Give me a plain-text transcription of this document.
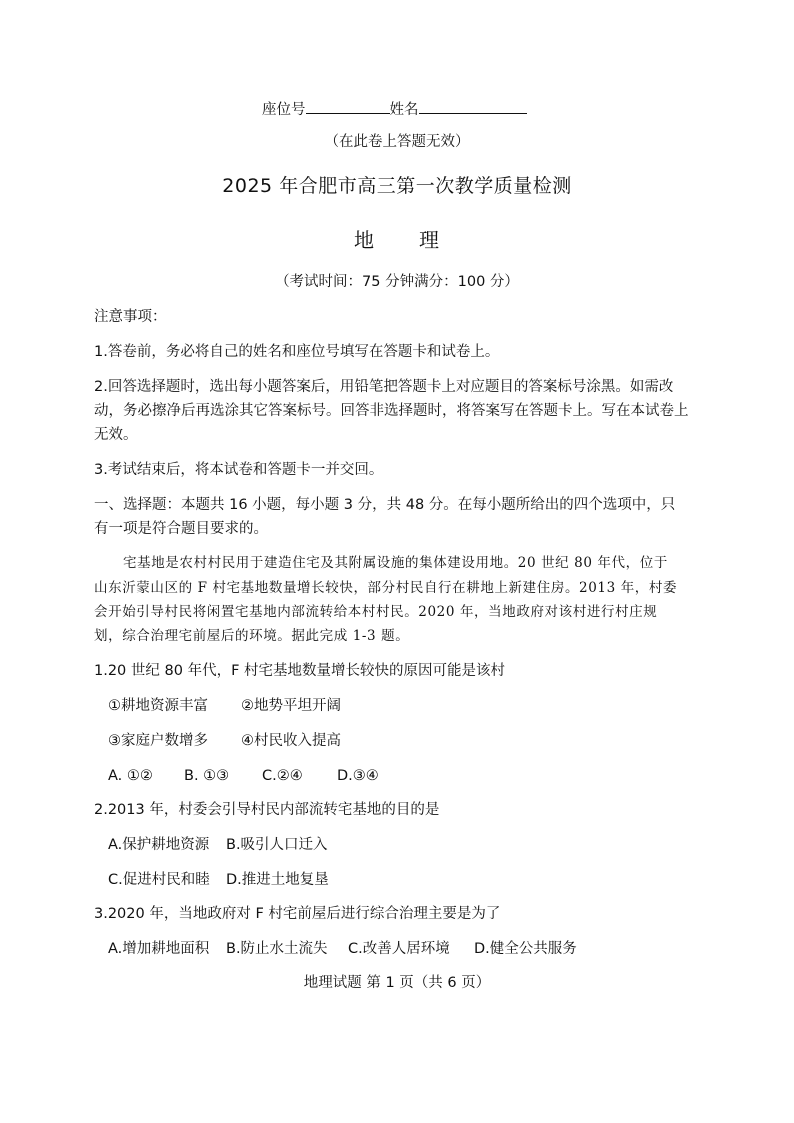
座位号	姓名
（在此卷上答题无效）
2025 年合肥市高三第一次教学质量检测
地 理
（考试时间：75 分钟满分：100 分）
注意事项：
1.答卷前，务必将自己的姓名和座位号填写在答题卡和试卷上。
2.回答选择题时，选出每小题答案后，用铅笔把答题卡上对应题目的答案标号涂黑。如需改
动，务必擦净后再选涂其它答案标号。回答非选择题时，将答案写在答题卡上。写在本试卷上
无效。
3.考试结束后，将本试卷和答题卡一并交回。
一、选择题：本题共 16 小题，每小题 3 分，共 48 分。在每小题所给出的四个选项中，只
有一项是符合题目要求的。
宅基地是农村村民用于建造住宅及其附属设施的集体建设用地。20 世纪 80 年代，位于
山东沂蒙山区的 F 村宅基地数量增长较快，部分村民自行在耕地上新建住房。2013 年，村委
会开始引导村民将闲置宅基地内部流转给本村村民。2020 年，当地政府对该村进行村庄规
划，综合治理宅前屋后的环境。据此完成 1-3 题。
1.20 世纪 80 年代，F 村宅基地数量增长较快的原因可能是该村
①耕地资源丰富 ②地势平坦开阔
③家庭户数增多 ④村民收入提高
A. ①② B. ①③ C.②④ D.③④
2.2013 年，村委会引导村民内部流转宅基地的目的是
A.保护耕地资源 B.吸引人口迁入
C.促进村民和睦 D.推进土地复垦
3.2020 年，当地政府对 F 村宅前屋后进行综合治理主要是为了
A.增加耕地面积 B.防止水土流失 C.改善人居环境 D.健全公共服务
地理试题 第 1 页（共 6 页）
